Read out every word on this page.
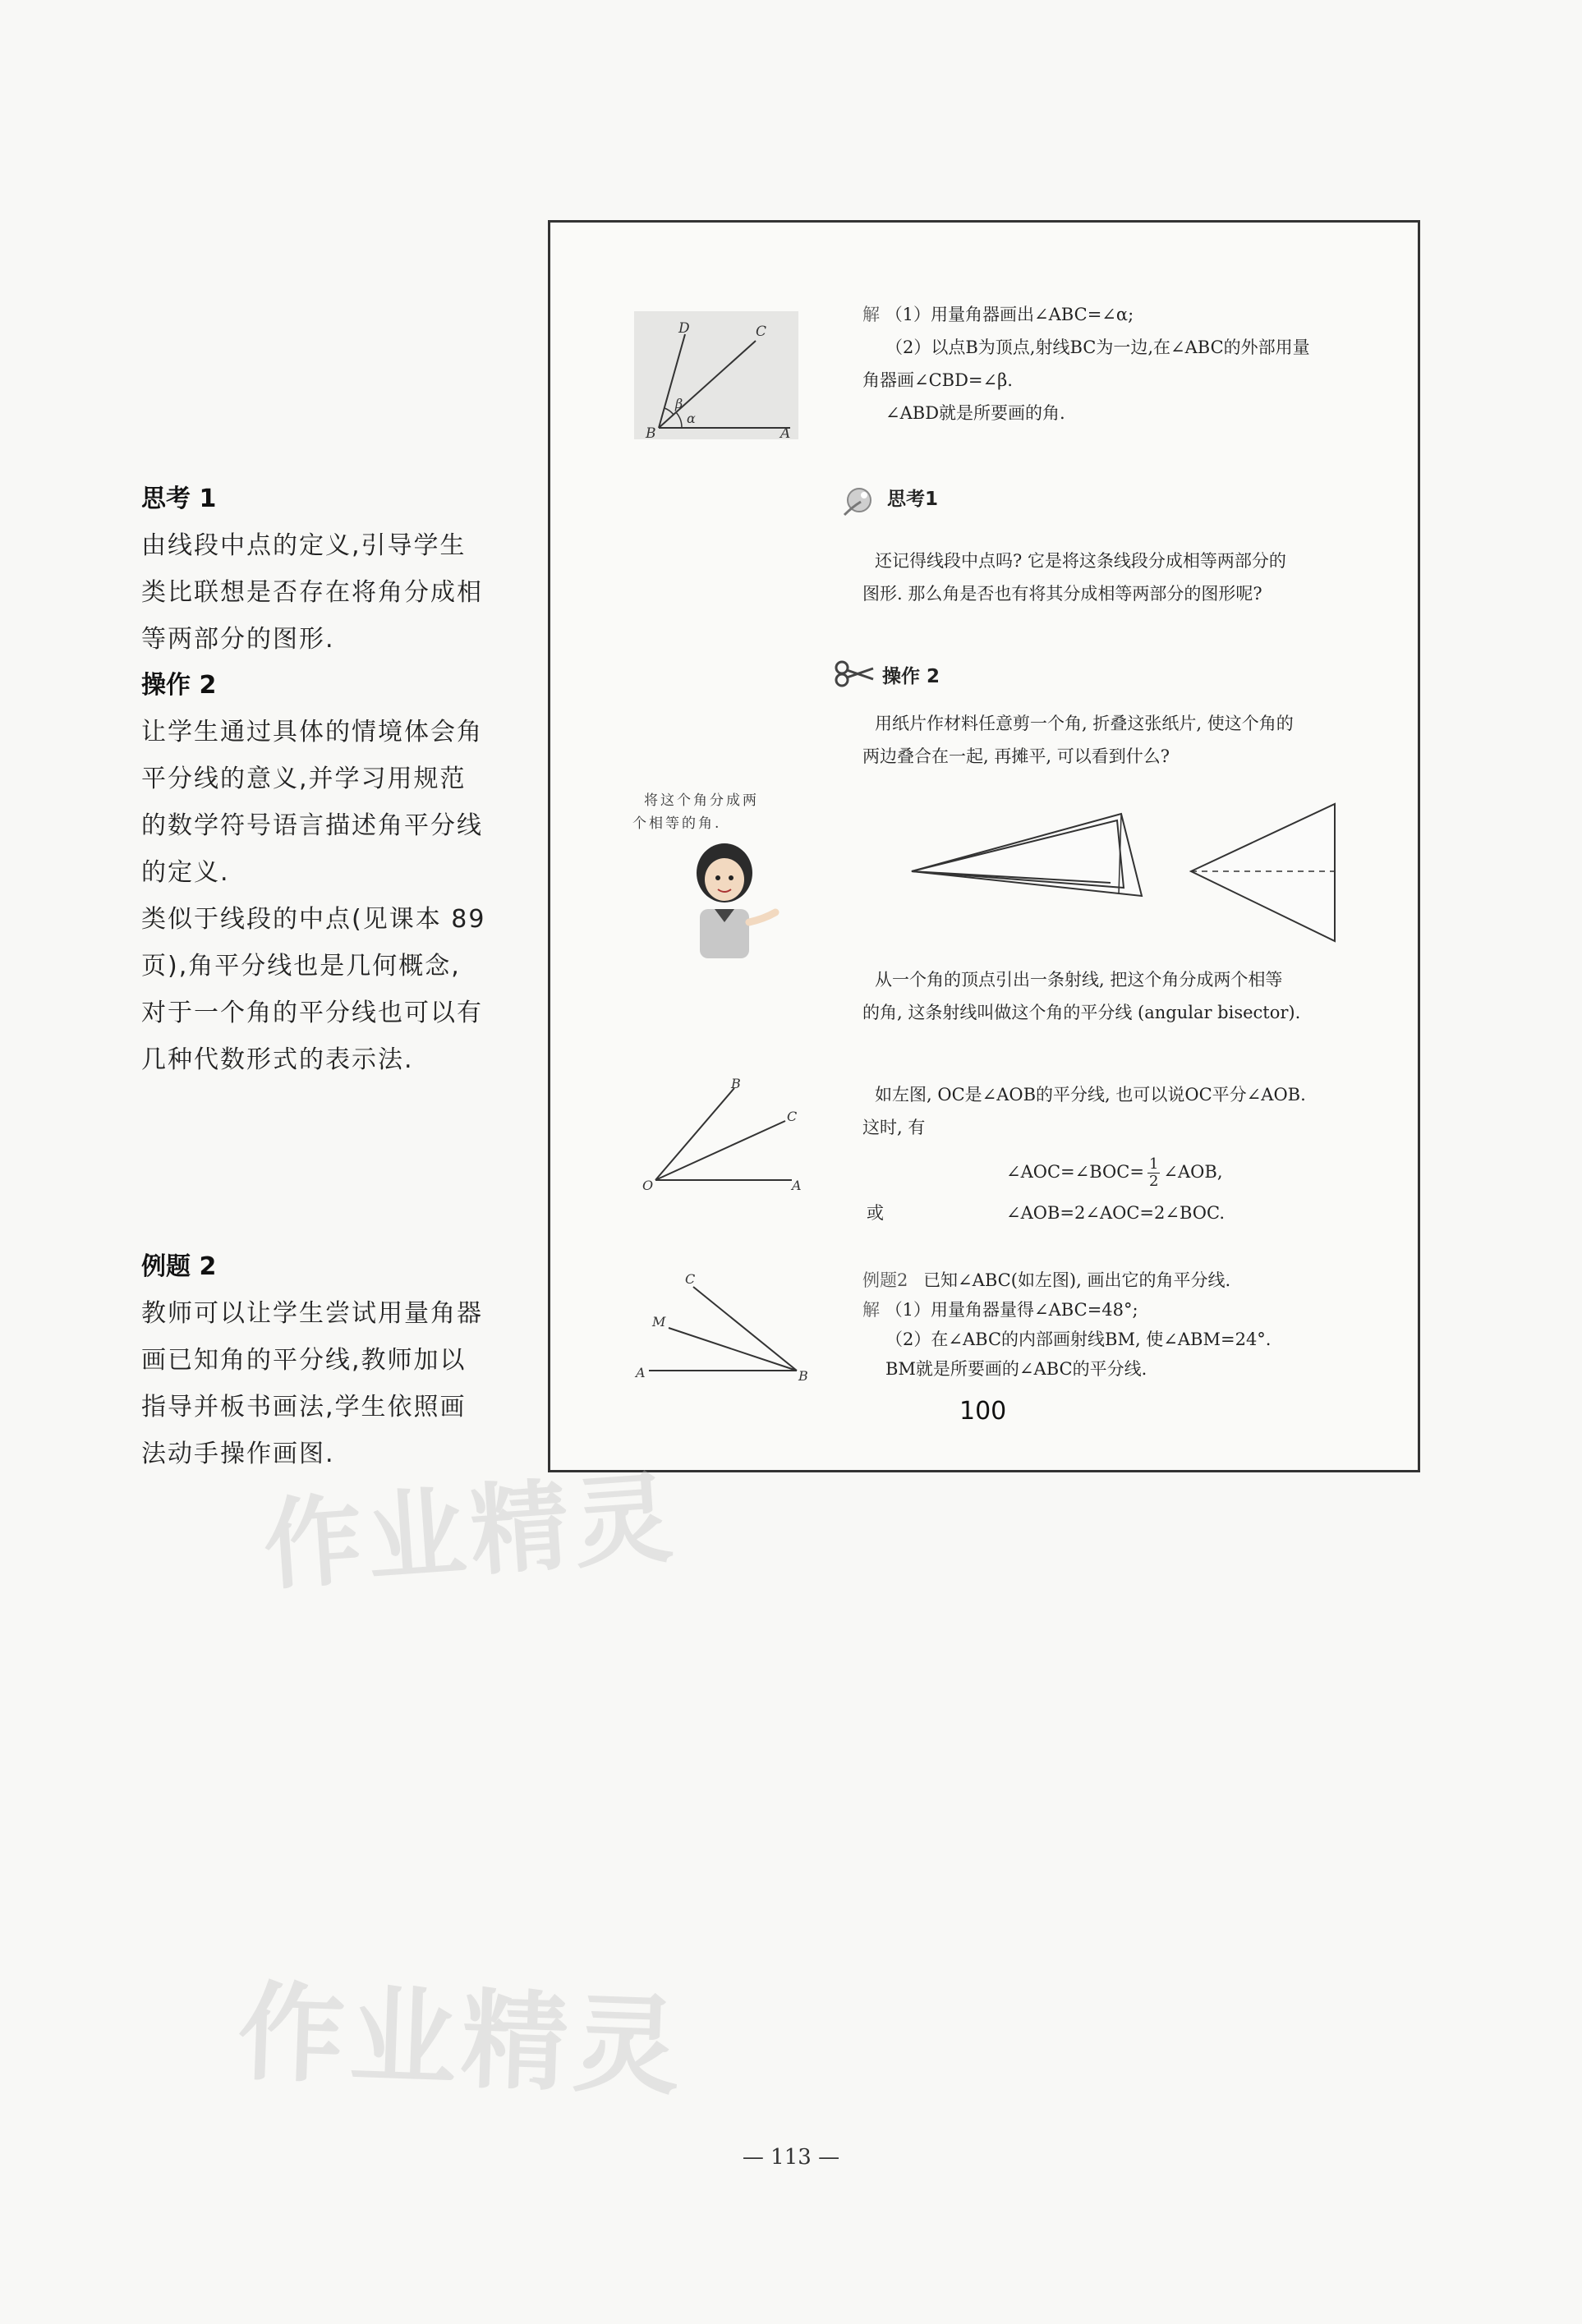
思考 1

由线段中点的定义,引导学生

类比联想是否存在将角分成相

等两部分的图形.

操作 2

让学生通过具体的情境体会角

平分线的意义,并学习用规范

的数学符号语言描述角平分线

的定义.

类似于线段的中点(见课本 89

页),角平分线也是几何概念,

对于一个角的平分线也可以有

几种代数形式的表示法.

例题 2

教师可以让学生尝试用量角器

画已知角的平分线,教师加以

指导并板书画法,学生依照画

法动手操作画图.

D	C
B	A
β
α
解 （1）用量角器画出∠ABC=∠α;
（2）以点B为顶点,射线BC为一边,在∠ABC的外部用量
角器画∠CBD=∠β.
∠ABD就是所要画的角.
思考1
还记得线段中点吗? 它是将这条线段分成相等两部分的
图形. 那么角是否也有将其分成相等两部分的图形呢?
操作 2
用纸片作材料任意剪一个角, 折叠这张纸片, 使这个角的
两边叠合在一起, 再摊平, 可以看到什么?
将这个角分成两
个相等的角.
从一个角的顶点引出一条射线, 把这个角分成两个相等
的角, 这条射线叫做这个角的平分线 (angular bisector).
B
C
O	A
如左图, OC是∠AOB的平分线, 也可以说OC平分∠AOB.
这时, 有
∠AOC=∠BOC= $\frac{1}{2}$ ∠AOB,
或	∠AOB=2∠AOC=2∠BOC.
C
M
A	B
例题2 已知∠ABC(如左图), 画出它的角平分线.
解 （1）用量角器量得∠ABC=48°;
（2）在∠ABC的内部画射线BM, 使∠ABM=24°.
BM就是所要画的∠ABC的平分线.
100
作业精灵
作业精灵
— 113 —
